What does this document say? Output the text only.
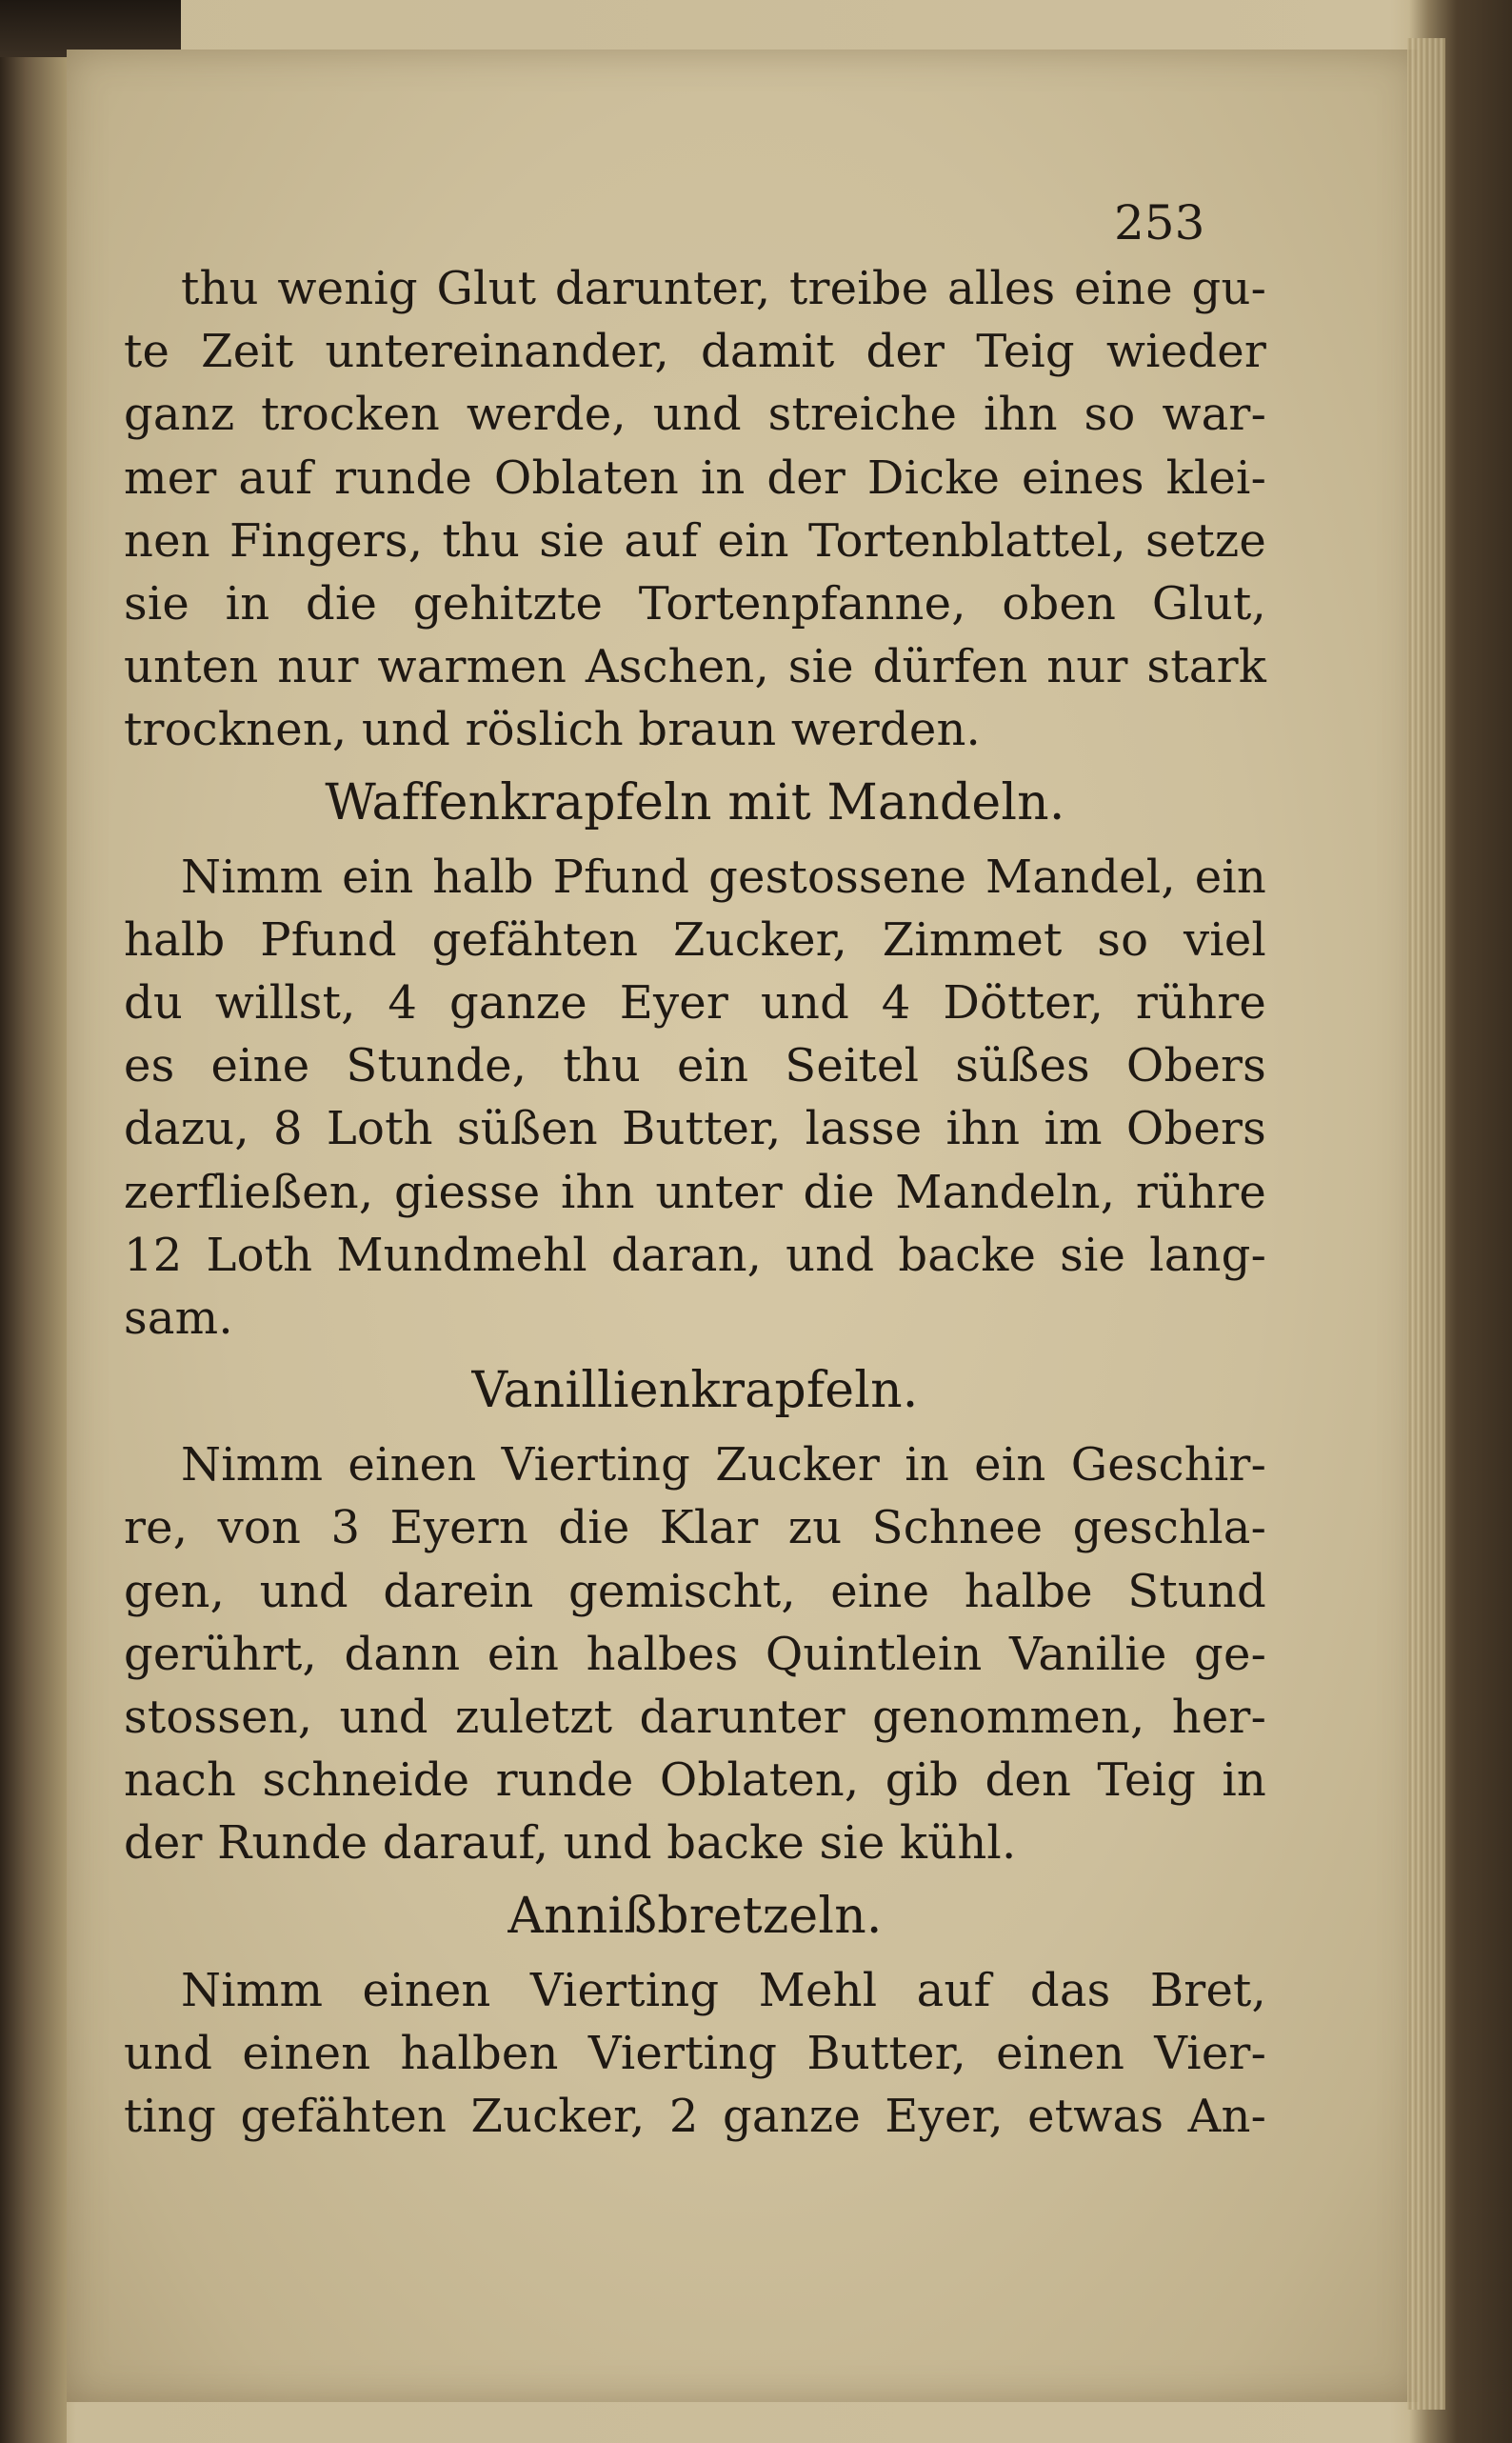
253
thu wenig Glut darunter, treibe alles eine gu-
te Zeit untereinander, damit der Teig wieder
ganz trocken werde, und streiche ihn so war-
mer auf runde Oblaten in der Dicke eines klei-
nen Fingers, thu sie auf ein Tortenblattel, setze
sie in die gehitzte Tortenpfanne, oben Glut,
unten nur warmen Aschen, sie dürfen nur stark
trocknen, und röslich braun werden.
Waffenkrapfeln mit Mandeln.
Nimm ein halb Pfund gestossene Mandel, ein
halb Pfund gefähten Zucker, Zimmet so viel
du willst, 4 ganze Eyer und 4 Dötter, rühre
es eine Stunde, thu ein Seitel süßes Obers
dazu, 8 Loth süßen Butter, lasse ihn im Obers
zerfließen, giesse ihn unter die Mandeln, rühre
12 Loth Mundmehl daran, und backe sie lang-
sam.
Vanillienkrapfeln.
Nimm einen Vierting Zucker in ein Geschir-
re, von 3 Eyern die Klar zu Schnee geschla-
gen, und darein gemischt, eine halbe Stund
gerührt, dann ein halbes Quintlein Vanilie ge-
stossen, und zuletzt darunter genommen, her-
nach schneide runde Oblaten, gib den Teig in
der Runde darauf, und backe sie kühl.
Annißbretzeln.
Nimm einen Vierting Mehl auf das Bret,
und einen halben Vierting Butter, einen Vier-
ting gefähten Zucker, 2 ganze Eyer, etwas An-
